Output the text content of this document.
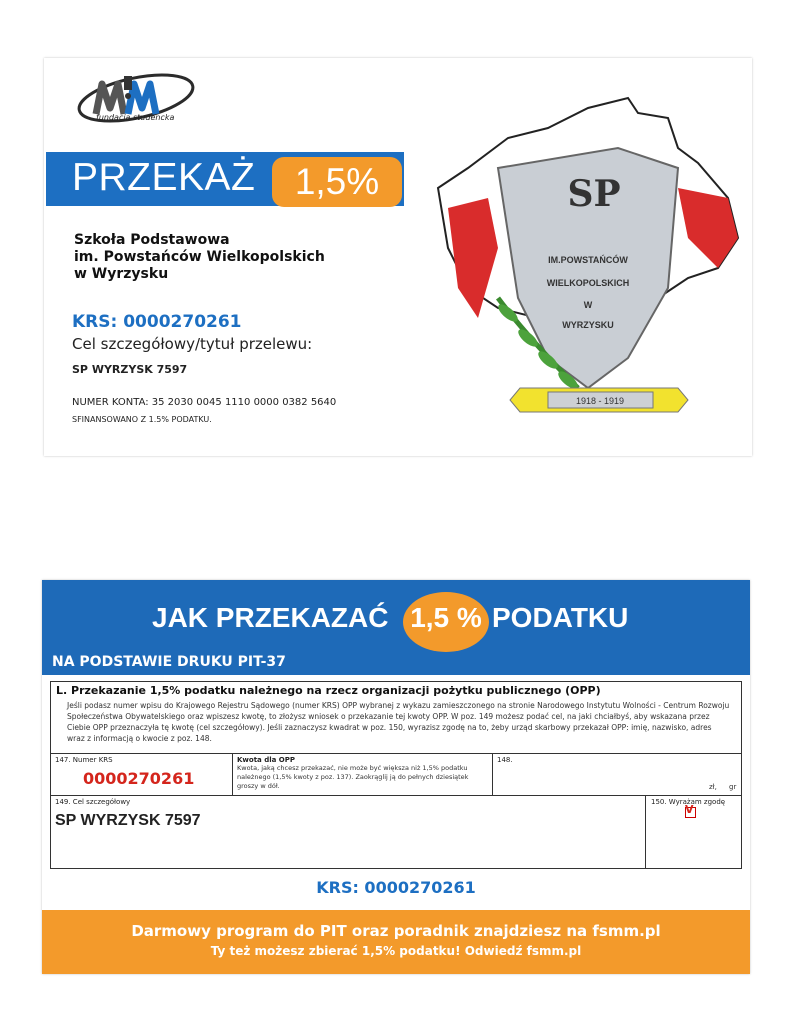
fundacja studencka
PRZEKAŻ	1,5%
Szkoła Podstawowa
im. Powstańców Wielkopolskich
w Wyrzysku
KRS: 0000270261
Cel szczegółowy/tytuł przelewu:
SP WYRZYSK 7597
NUMER KONTA: 35 2030 0045 1110 0000 0382 5640
SFINANSOWANO Z 1.5% PODATKU.
SP
IM.POWSTAŃCÓW
WIELKOPOLSKICH
W
WYRZYSKU
1918 - 1919
JAK PRZEKAZAĆ 1,5 % PODATKU
NA PODSTAWIE DRUKU PIT-37
L. Przekazanie 1,5% podatku należnego na rzecz organizacji pożytku publicznego (OPP)
Jeśli podasz numer wpisu do Krajowego Rejestru Sądowego (numer KRS) OPP wybranej z wykazu zamieszczonego na stronie Narodowego Instytutu Wolności - Centrum Rozwoju Społeczeństwa Obywatelskiego oraz wpiszesz kwotę, to złożysz wniosek o przekazanie tej kwoty OPP. W poz. 149 możesz podać cel, na jaki chciałbyś, aby wskazana przez Ciebie OPP przeznaczyła tę kwotę (cel szczegółowy). Jeśli zaznaczysz kwadrat w poz. 150, wyrazisz zgodę na to, żeby urząd skarbowy przekazał OPP: imię, nazwisko, adres wraz z informacją o kwocie z poz. 148.
147. Numer KRS
0000270261
Kwota dla OPP
Kwota, jaką chcesz przekazać, nie może być większa niż 1,5% podatku należnego (1,5% kwoty z poz. 137). Zaokrąglij ją do pełnych dziesiątek groszy w dół.
148.
zł, gr
149. Cel szczegółowy
SP WYRZYSK 7597
150. Wyrażam zgodę
V
KRS: 0000270261
Darmowy program do PIT oraz poradnik znajdziesz na fsmm.pl
Ty też możesz zbierać 1,5% podatku! Odwiedź fsmm.pl
